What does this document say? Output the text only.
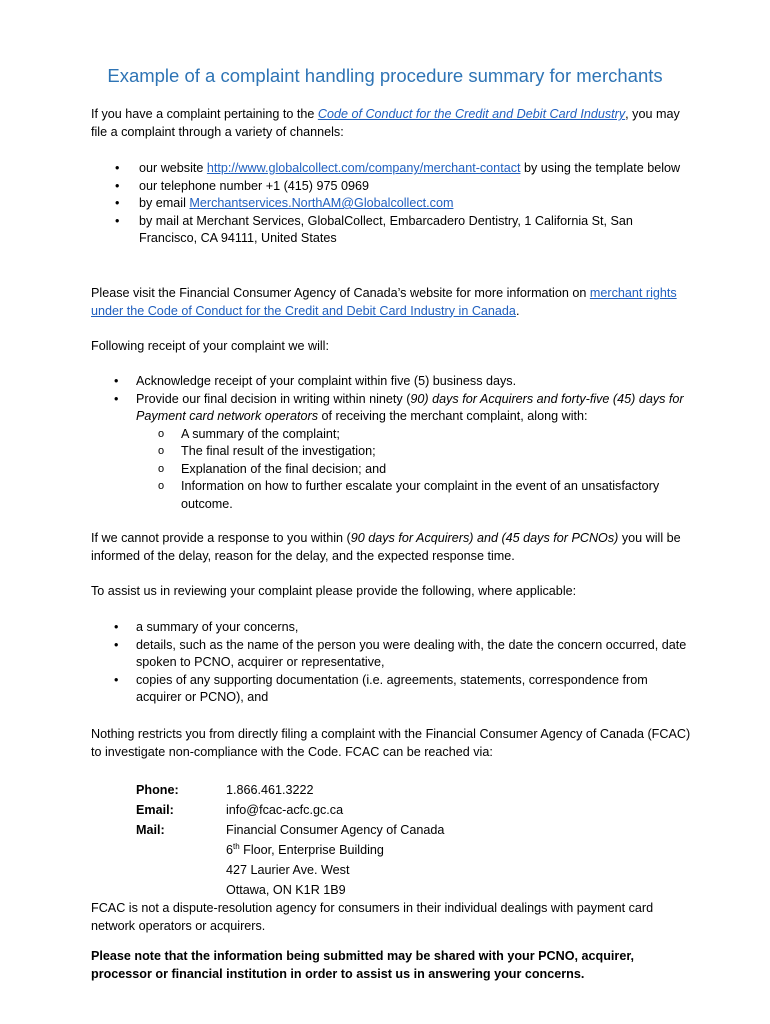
Example of a complaint handling procedure summary for merchants
If you have a complaint pertaining to the Code of Conduct for the Credit and Debit Card Industry, you may file a complaint through a variety of channels:
• our website http://www.globalcollect.com/company/merchant-contact by using the template below
• our telephone number +1 (415) 975 0969
• by email Merchantservices.NorthAM@Globalcollect.com
• by mail at Merchant Services, GlobalCollect, Embarcadero Dentistry, 1 California St, San Francisco, CA 94111, United States
Please visit the Financial Consumer Agency of Canada’s website for more information on merchant rights under the Code of Conduct for the Credit and Debit Card Industry in Canada.
Following receipt of your complaint we will:
• Acknowledge receipt of your complaint within five (5) business days.
• Provide our final decision in writing within ninety (90) days for Acquirers and forty-five (45) days for Payment card network operators of receiving the merchant complaint, along with:
o A summary of the complaint;
o The final result of the investigation;
o Explanation of the final decision; and
o Information on how to further escalate your complaint in the event of an unsatisfactory outcome.
If we cannot provide a response to you within (90 days for Acquirers) and (45 days for PCNOs) you will be informed of the delay, reason for the delay, and the expected response time.
To assist us in reviewing your complaint please provide the following, where applicable:
• a summary of your concerns,
• details, such as the name of the person you were dealing with, the date the concern occurred, date spoken to PCNO, acquirer or representative,
• copies of any supporting documentation (i.e. agreements, statements, correspondence from acquirer or PCNO), and
Nothing restricts you from directly filing a complaint with the Financial Consumer Agency of Canada (FCAC) to investigate non-compliance with the Code. FCAC can be reached via:
Phone:	1.866.461.3222
Email:	info@fcac-acfc.gc.ca
Mail:	Financial Consumer Agency of Canada
	6th Floor, Enterprise Building
	427 Laurier Ave. West
	Ottawa, ON K1R 1B9
FCAC is not a dispute-resolution agency for consumers in their individual dealings with payment card network operators or acquirers.
Please note that the information being submitted may be shared with your PCNO, acquirer, processor or financial institution in order to assist us in answering your concerns.
